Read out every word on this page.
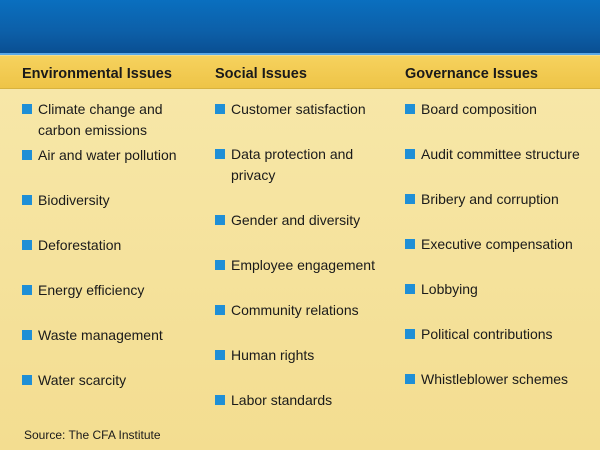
Environmental Issues	Social Issues	Governance Issues
Climate change and carbon emissions
Air and water pollution
Biodiversity
Deforestation
Energy efficiency
Waste management
Water scarcity
Customer satisfaction
Data protection and privacy
Gender and diversity
Employee engagement
Community relations
Human rights
Labor standards
Board composition
Audit committee structure
Bribery and corruption
Executive compensation
Lobbying
Political contributions
Whistleblower schemes
Source: The CFA Institute
